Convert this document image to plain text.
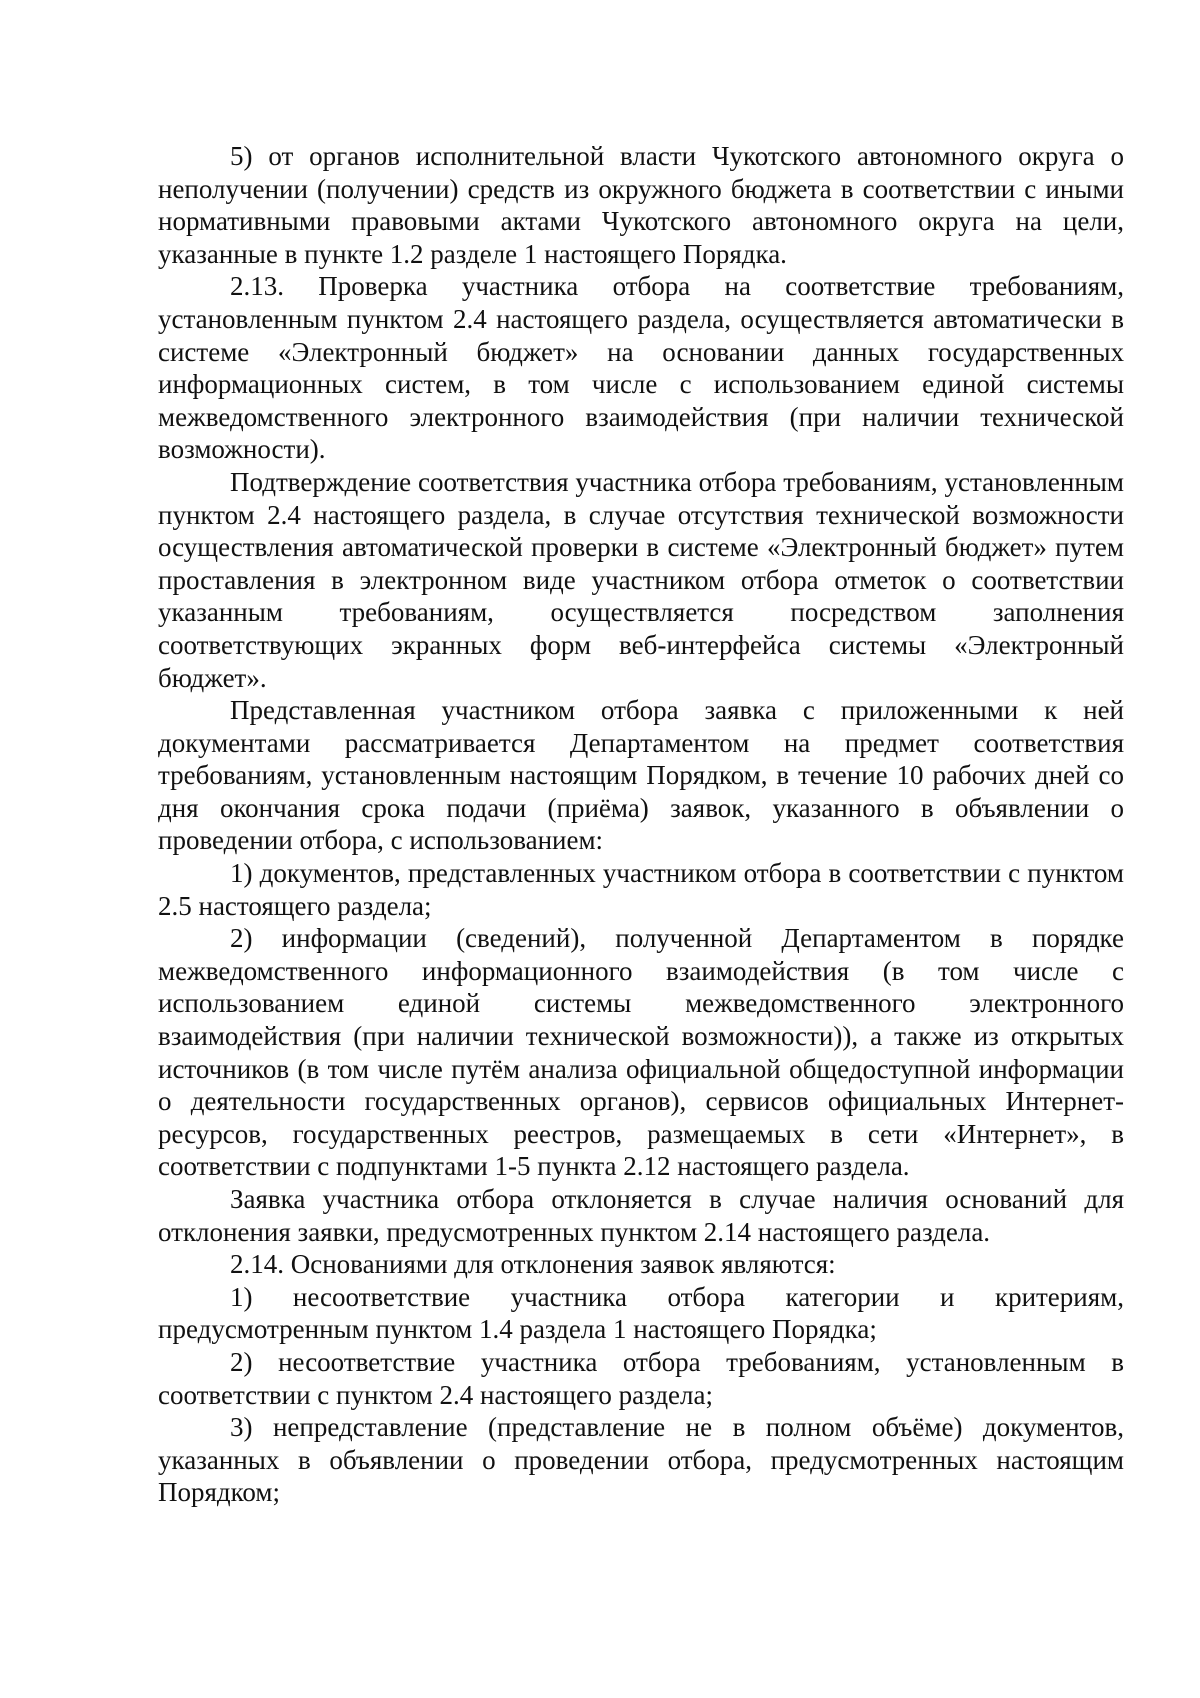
5) от органов исполнительной власти Чукотского автономного округа о неполучении (получении) средств из окружного бюджета в соответствии с иными нормативными правовыми актами Чукотского автономного округа на цели, указанные в пункте 1.2 разделе 1 настоящего Порядка.

2.13. Проверка участника отбора на соответствие требованиям, установленным пунктом 2.4 настоящего раздела, осуществляется автоматически в системе «Электронный бюджет» на основании данных государственных информационных систем, в том числе с использованием единой системы межведомственного электронного взаимодействия (при наличии технической возможности).

Подтверждение соответствия участника отбора требованиям, установленным пунктом 2.4 настоящего раздела, в случае отсутствия технической возможности осуществления автоматической проверки в системе «Электронный бюджет» путем проставления в электронном виде участником отбора отметок о соответствии указанным требованиям, осуществляется посредством заполнения соответствующих экранных форм веб-интерфейса системы «Электронный бюджет».

Представленная участником отбора заявка с приложенными к ней документами рассматривается Департаментом на предмет соответствия требованиям, установленным настоящим Порядком, в течение 10 рабочих дней со дня окончания срока подачи (приёма) заявок, указанного в объявлении о проведении отбора, с использованием:

1) документов, представленных участником отбора в соответствии с пунктом 2.5 настоящего раздела;

2) информации (сведений), полученной Департаментом в порядке межведомственного информационного взаимодействия (в том числе с использованием единой системы межведомственного электронного взаимодействия (при наличии технической возможности)), а также из открытых источников (в том числе путём анализа официальной общедоступной информации о деятельности государственных органов), сервисов официальных Интернет-ресурсов, государственных реестров, размещаемых в сети «Интернет», в соответствии с подпунктами 1-5 пункта 2.12 настоящего раздела.

Заявка участника отбора отклоняется в случае наличия оснований для отклонения заявки, предусмотренных пунктом 2.14 настоящего раздела.

2.14. Основаниями для отклонения заявок являются:

1) несоответствие участника отбора категории и критериям, предусмотренным пунктом 1.4 раздела 1 настоящего Порядка;

2) несоответствие участника отбора требованиям, установленным в соответствии с пунктом 2.4 настоящего раздела;

3) непредставление (представление не в полном объёме) документов, указанных в объявлении о проведении отбора, предусмотренных настоящим Порядком;
